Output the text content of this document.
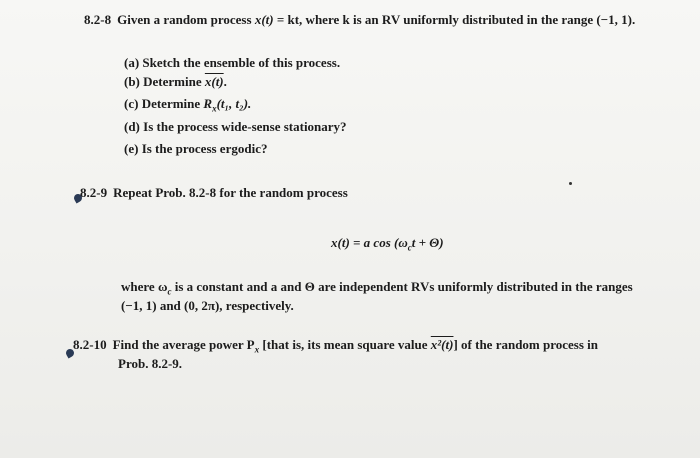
8.2-8 Given a random process x(t) = kt, where k is an RV uniformly distributed in the range (−1, 1).
(a) Sketch the ensemble of this process.
(b) Determine x(t).
(c) Determine $R_x(t_1$, t₂).
(d) Is the process wide-sense stationary?
(e) Is the process ergodic?
8.2-9 Repeat Prob. 8.2-8 for the random process
x(t) = a $\cos (\omega_ct + \Theta)$
where $\omega_c$ is a constant and a and Θ are independent RVs uniformly distributed in the ranges
(−1, 1) and (0, 2π), respectively.
8.2-10 Find the average power $P_x$ [that is, its mean square value x²(t)] of the random process in
Prob. 8.2-9.
